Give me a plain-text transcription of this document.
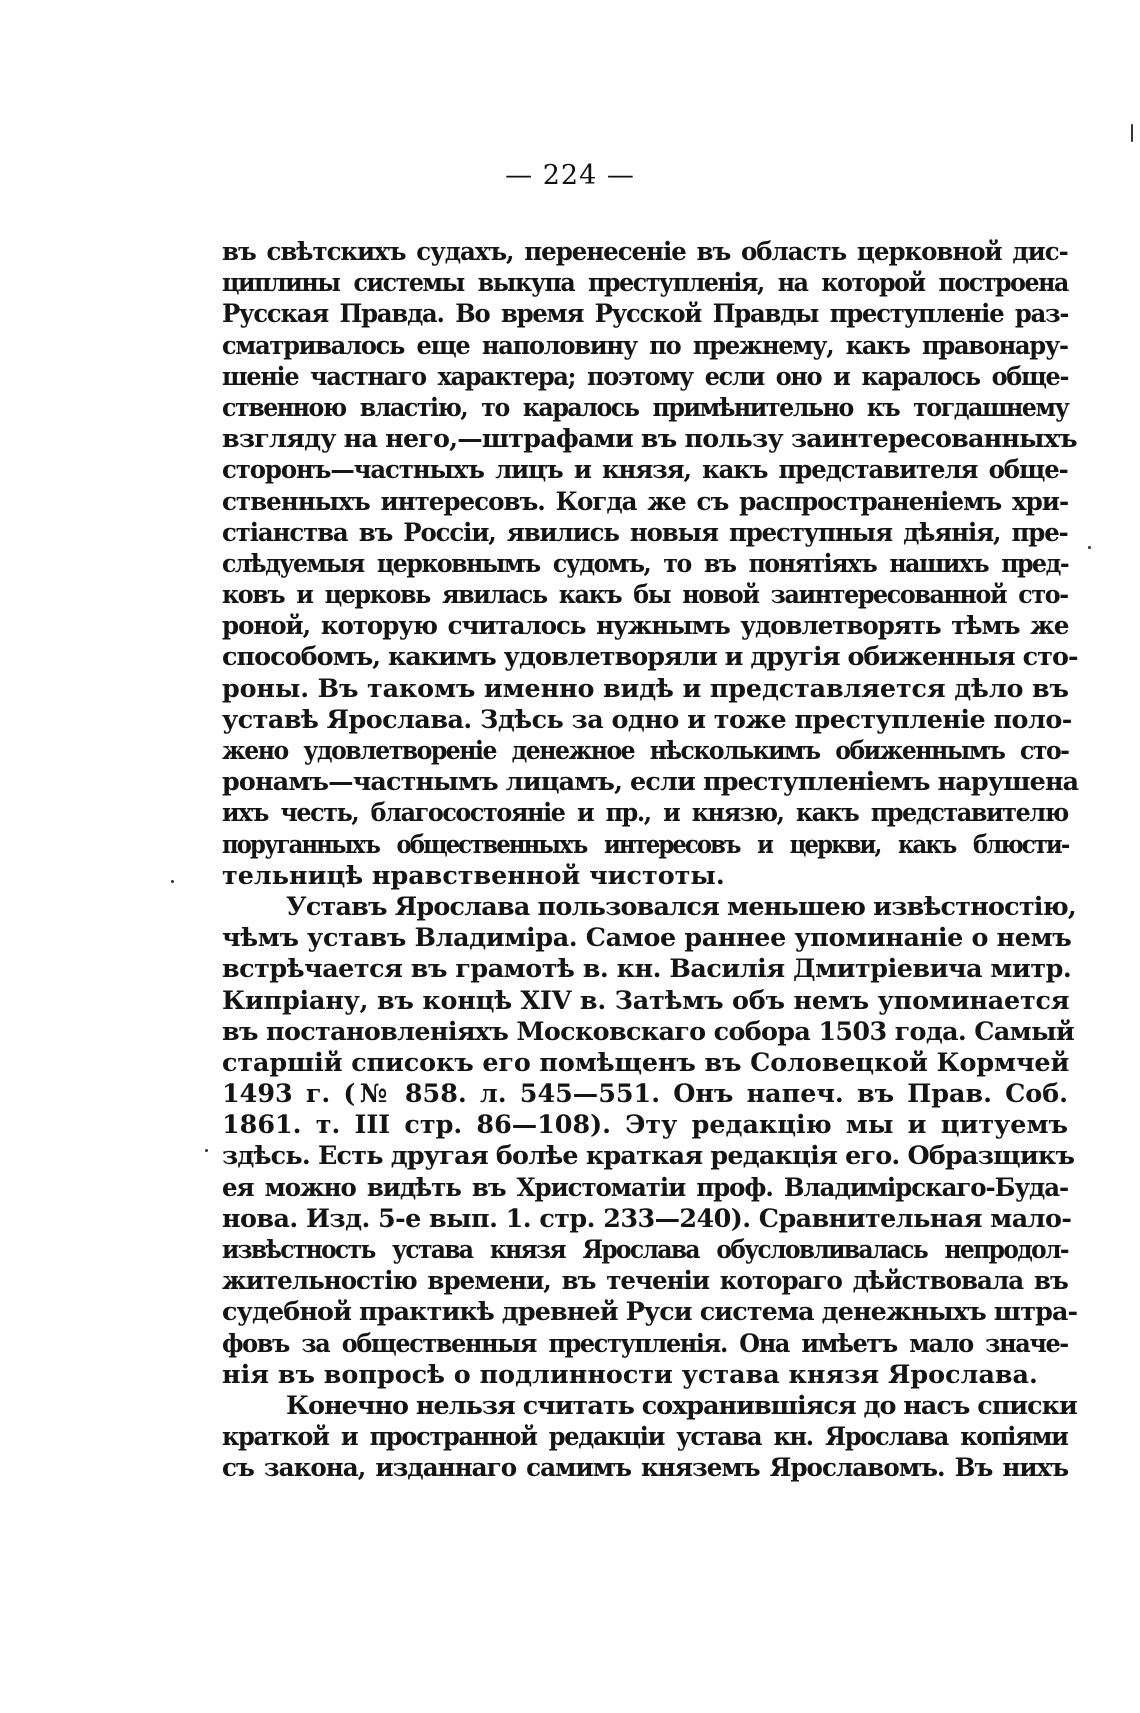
— 224 —
въ свѣтскихъ судахъ, перенесеніе въ область церковной дис-
циплины системы выкупа преступленія, на которой построена
Русская Правда. Во время Русской Правды преступленіе раз-
сматривалось еще наполовину по прежнему, какъ правонару-
шеніе частнаго характера; поэтому если оно и каралось обще-
ственною властію, то каралось примѣнительно къ тогдашнему
взгляду на него,—штрафами въ пользу заинтересованныхъ
сторонъ—частныхъ лицъ и князя, какъ представителя обще-
ственныхъ интересовъ. Когда же съ распространеніемъ хри-
стіанства въ Россіи, явились новыя преступныя дѣянія, пре-
слѣдуемыя церковнымъ судомъ, то въ понятіяхъ нашихъ пред-
ковъ и церковь явилась какъ бы новой заинтересованной сто-
роной, которую считалось нужнымъ удовлетворять тѣмъ же
способомъ, какимъ удовлетворяли и другія обиженныя сто-
роны. Въ такомъ именно видѣ и представляется дѣло въ
уставѣ Ярослава. Здѣсь за одно и тоже преступленіе поло-
жено удовлетвореніе денежное нѣсколькимъ обиженнымъ сто-
ронамъ—частнымъ лицамъ, если преступленіемъ нарушена
ихъ честь, благосостояніе и пр., и князю, какъ представителю
поруганныхъ общественныхъ интересовъ и церкви, какъ блюсти-
тельницѣ нравственной чистоты.
Уставъ Ярослава пользовался меньшею извѣстностію,
чѣмъ уставъ Владиміра. Самое раннее упоминаніе о немъ
встрѣчается въ грамотѣ в. кн. Василія Дмитріевича митр.
Кипріану, въ концѣ XIV в. Затѣмъ объ немъ упоминается
въ постановленіяхъ Московскаго собора 1503 года. Самый
старшій списокъ его помѣщенъ въ Соловецкой Кормчей
1493 г. (№ 858. л. 545—551. Онъ напеч. въ Прав. Соб.
1861. т. III стр. 86—108). Эту редакцію мы и цитуемъ
здѣсь. Есть другая болѣе краткая редакція его. Образщикъ
ея можно видѣть въ Христоматіи проф. Владимірскаго-Буда-
нова. Изд. 5-е вып. 1. стр. 233—240). Сравнительная мало-
извѣстность устава князя Ярослава обусловливалась непродол-
жительностію времени, въ теченіи котораго дѣйствовала въ
судебной практикѣ древней Руси система денежныхъ штра-
фовъ за общественныя преступленія. Она имѣетъ мало значе-
нія въ вопросѣ о подлинности устава князя Ярослава.
Конечно нельзя считать сохранившіяся до насъ списки
краткой и пространной редакціи устава кн. Ярослава копіями
съ закона, изданнаго самимъ княземъ Ярославомъ. Въ нихъ
